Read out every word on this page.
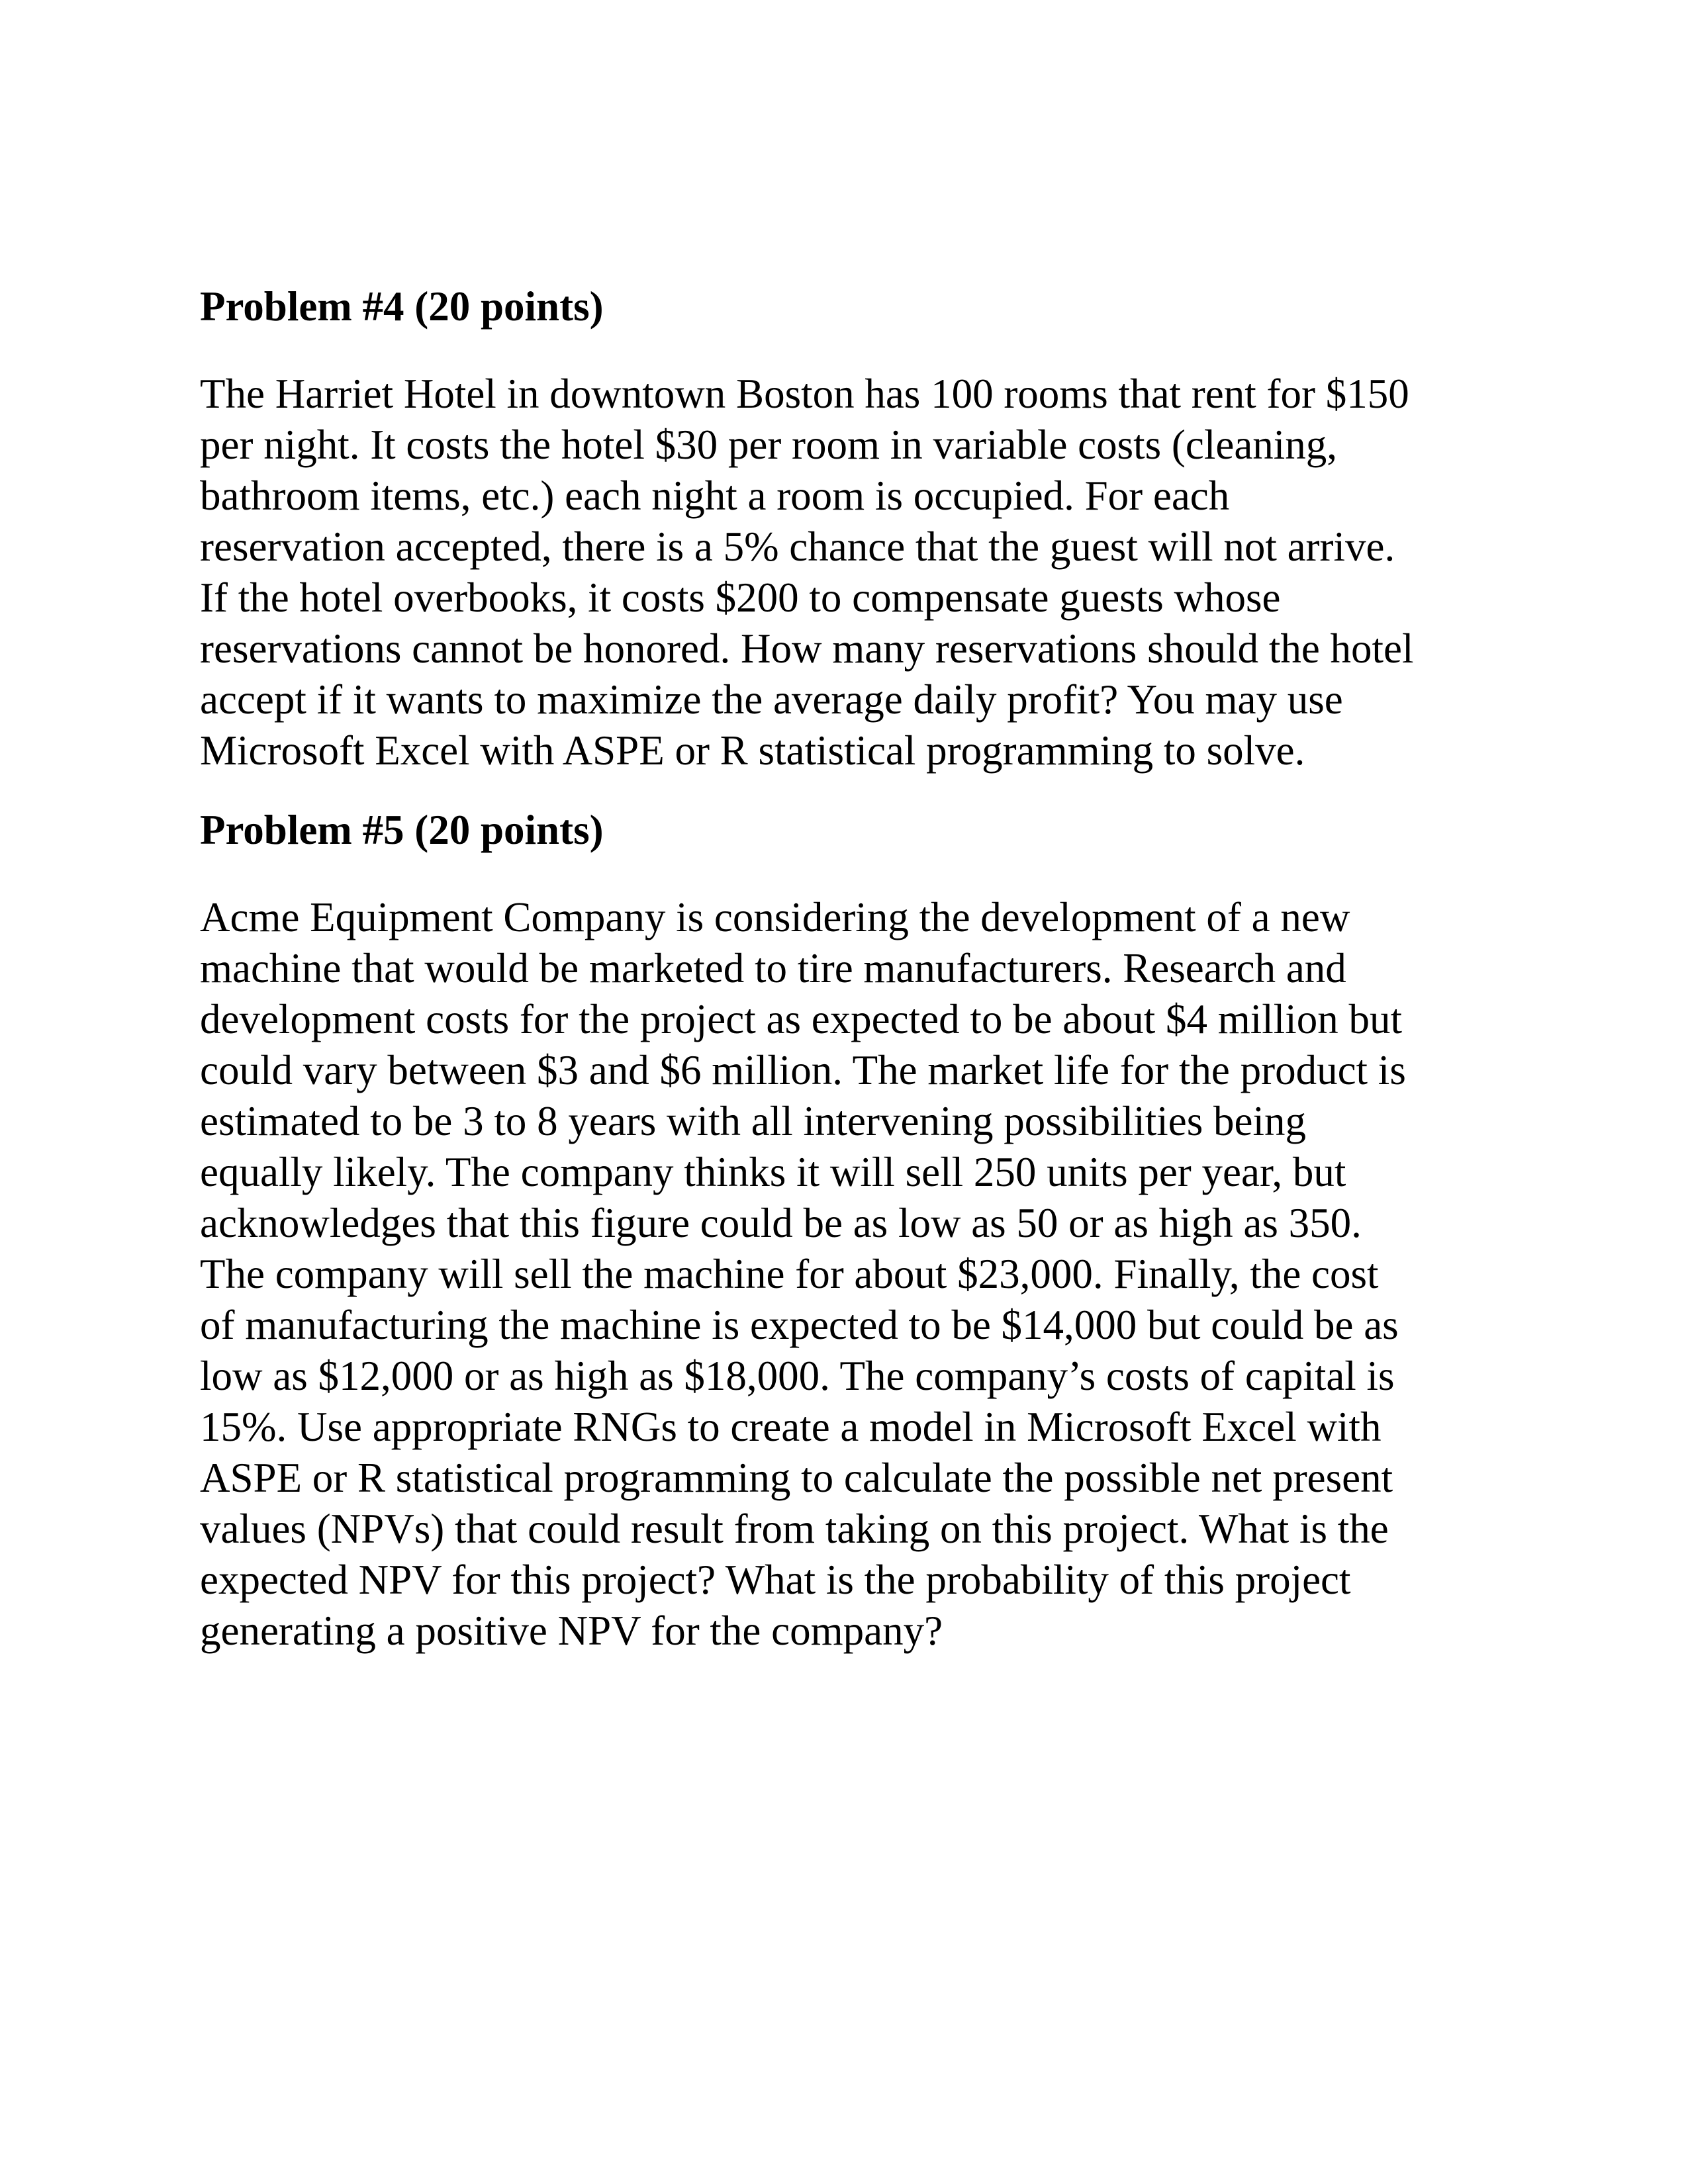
Problem #4 (20 points)
The Harriet Hotel in downtown Boston has 100 rooms that rent for $150
per night. It costs the hotel $30 per room in variable costs (cleaning,
bathroom items, etc.) each night a room is occupied. For each
reservation accepted, there is a 5% chance that the guest will not arrive.
If the hotel overbooks, it costs $200 to compensate guests whose
reservations cannot be honored. How many reservations should the hotel
accept if it wants to maximize the average daily profit? You may use
Microsoft Excel with ASPE or R statistical programming to solve.
Problem #5 (20 points)
Acme Equipment Company is considering the development of a new
machine that would be marketed to tire manufacturers. Research and
development costs for the project as expected to be about $4 million but
could vary between $3 and $6 million. The market life for the product is
estimated to be 3 to 8 years with all intervening possibilities being
equally likely. The company thinks it will sell 250 units per year, but
acknowledges that this figure could be as low as 50 or as high as 350.
The company will sell the machine for about $23,000. Finally, the cost
of manufacturing the machine is expected to be $14,000 but could be as
low as $12,000 or as high as $18,000. The company’s costs of capital is
15%. Use appropriate RNGs to create a model in Microsoft Excel with
ASPE or R statistical programming to calculate the possible net present
values (NPVs) that could result from taking on this project. What is the
expected NPV for this project? What is the probability of this project
generating a positive NPV for the company?
